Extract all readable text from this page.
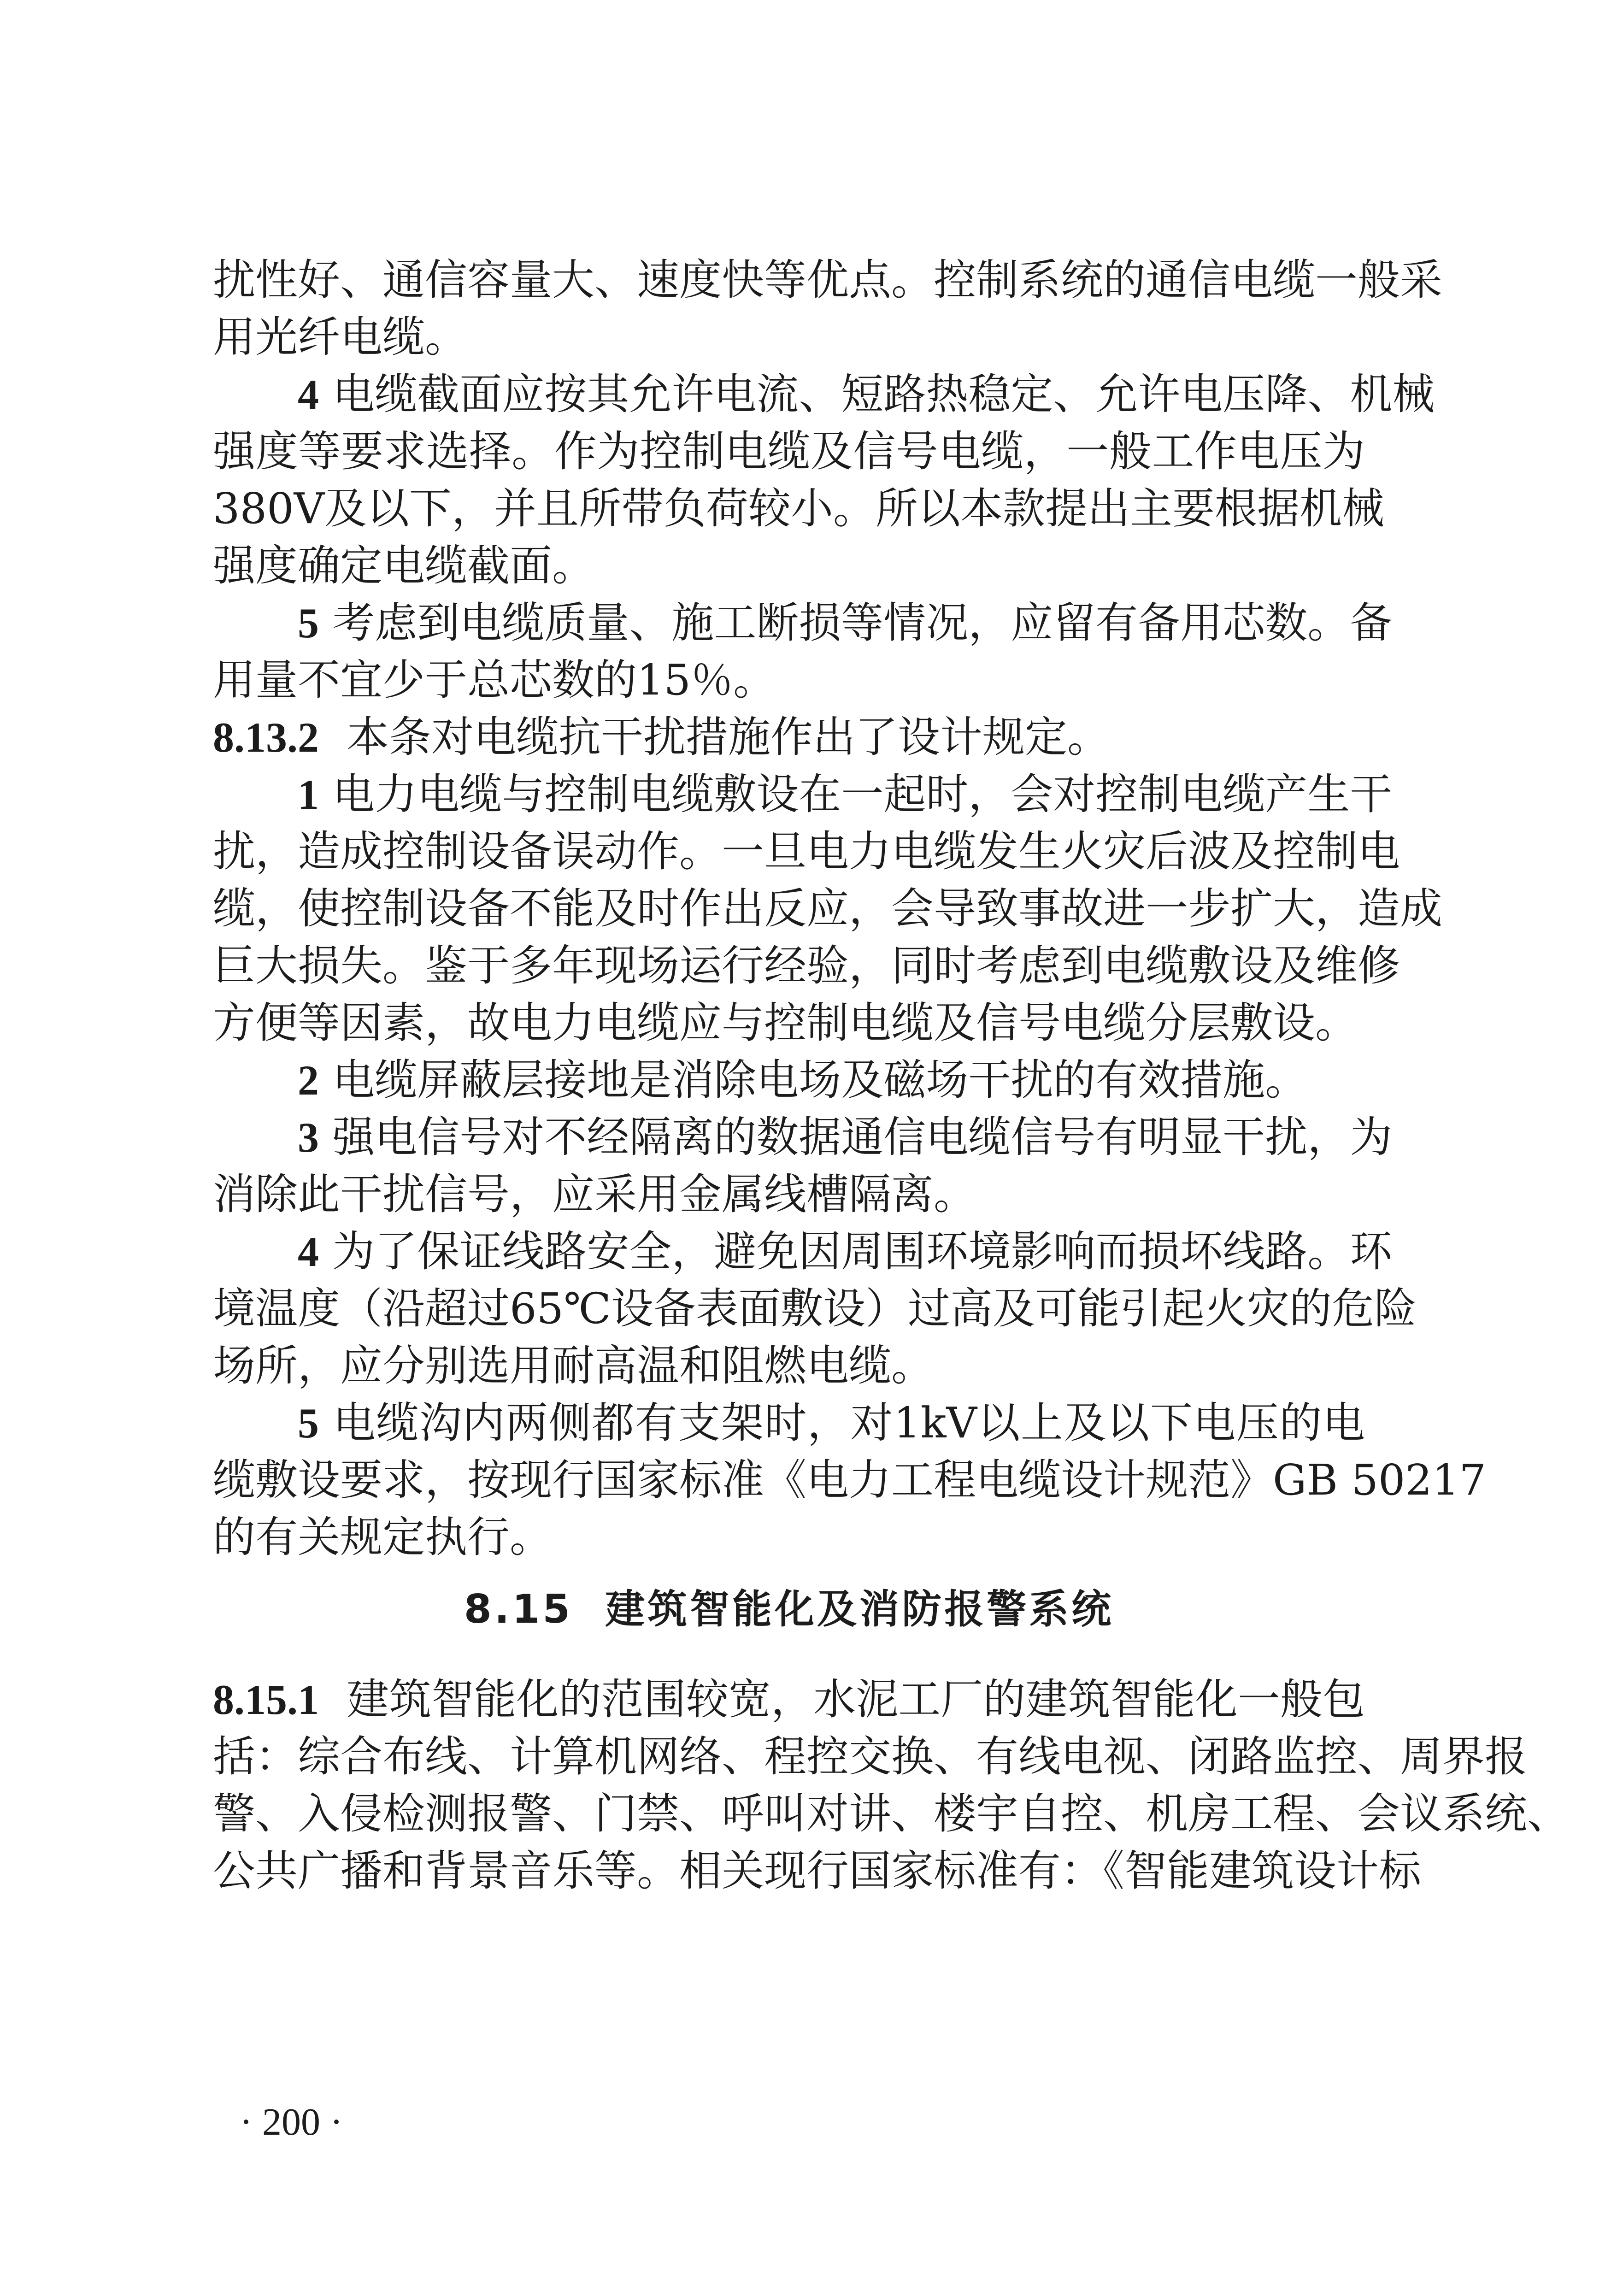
扰性好、通信容量大、速度快等优点。控制系统的通信电缆一般采
用光纤电缆。
4 电缆截面应按其允许电流、短路热稳定、允许电压降、机械
强度等要求选择。作为控制电缆及信号电缆，一般工作电压为
380V及以下，并且所带负荷较小。所以本款提出主要根据机械
强度确定电缆截面。
5 考虑到电缆质量、施工断损等情况，应留有备用芯数。备
用量不宜少于总芯数的15％。
8.13.2 本条对电缆抗干扰措施作出了设计规定。
1 电力电缆与控制电缆敷设在一起时，会对控制电缆产生干
扰，造成控制设备误动作。一旦电力电缆发生火灾后波及控制电
缆，使控制设备不能及时作出反应，会导致事故进一步扩大，造成
巨大损失。鉴于多年现场运行经验，同时考虑到电缆敷设及维修
方便等因素，故电力电缆应与控制电缆及信号电缆分层敷设。
2 电缆屏蔽层接地是消除电场及磁场干扰的有效措施。
3 强电信号对不经隔离的数据通信电缆信号有明显干扰，为
消除此干扰信号，应采用金属线槽隔离。
4 为了保证线路安全，避免因周围环境影响而损坏线路。环
境温度（沿超过65℃设备表面敷设）过高及可能引起火灾的危险
场所，应分别选用耐高温和阻燃电缆。
5 电缆沟内两侧都有支架时，对1kV以上及以下电压的电
缆敷设要求，按现行国家标准《电力工程电缆设计规范》GB 50217
的有关规定执行。
8.15 建筑智能化及消防报警系统
8.15.1 建筑智能化的范围较宽，水泥工厂的建筑智能化一般包
括：综合布线、计算机网络、程控交换、有线电视、闭路监控、周界报
警、入侵检测报警、门禁、呼叫对讲、楼宇自控、机房工程、会议系统、
公共广播和背景音乐等。相关现行国家标准有：《智能建筑设计标
· 200 ·
